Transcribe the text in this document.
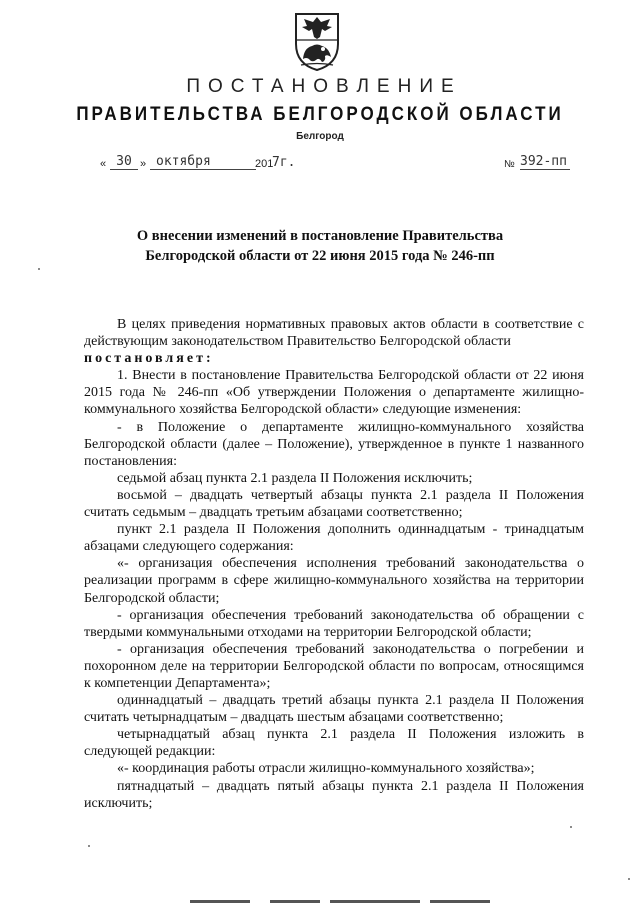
ПОСТАНОВЛЕНИЕ
ПРАВИТЕЛЬСТВА БЕЛГОРОДСКОЙ ОБЛАСТИ
Белгород
« 30 » октября	201
7г.	№ 392-пп
О внесении изменений в постановление Правительства
Белгородской области от 22 июня 2015 года № 246-пп

В целях приведения нормативных правовых актов области в соответствие с действующим законодательством Правительство Белгородской области

постановляет:

1. Внести в постановление Правительства Белгородской области от 22 июня 2015 года № 246-пп «Об утверждении Положения о департаменте жилищно-коммунального хозяйства Белгородской области» следующие изменения:

- в Положение о департаменте жилищно-коммунального хозяйства Белгородской области (далее – Положение), утвержденное в пункте 1 названного постановления:

седьмой абзац пункта 2.1 раздела II Положения исключить;

восьмой – двадцать четвертый абзацы пункта 2.1 раздела II Положения считать седьмым – двадцать третьим абзацами соответственно;

пункт 2.1 раздела II Положения дополнить одиннадцатым - тринадцатым абзацами следующего содержания:

«- организация обеспечения исполнения требований законодательства о реализации программ в сфере жилищно-коммунального хозяйства на территории Белгородской области;

- организация обеспечения требований законодательства об обращении с твердыми коммунальными отходами на территории Белгородской области;

- организация обеспечения требований законодательства о погребении и похоронном деле на территории Белгородской области по вопросам, относящимся к компетенции Департамента»;

одиннадцатый – двадцать третий абзацы пункта 2.1 раздела II Положения считать четырнадцатым – двадцать шестым абзацами соответственно;

четырнадцатый абзац пункта 2.1 раздела II Положения изложить в следующей редакции:

«- координация работы отрасли жилищно-коммунального хозяйства»;

пятнадцатый – двадцать пятый абзацы пункта 2.1 раздела II Положения исключить;
